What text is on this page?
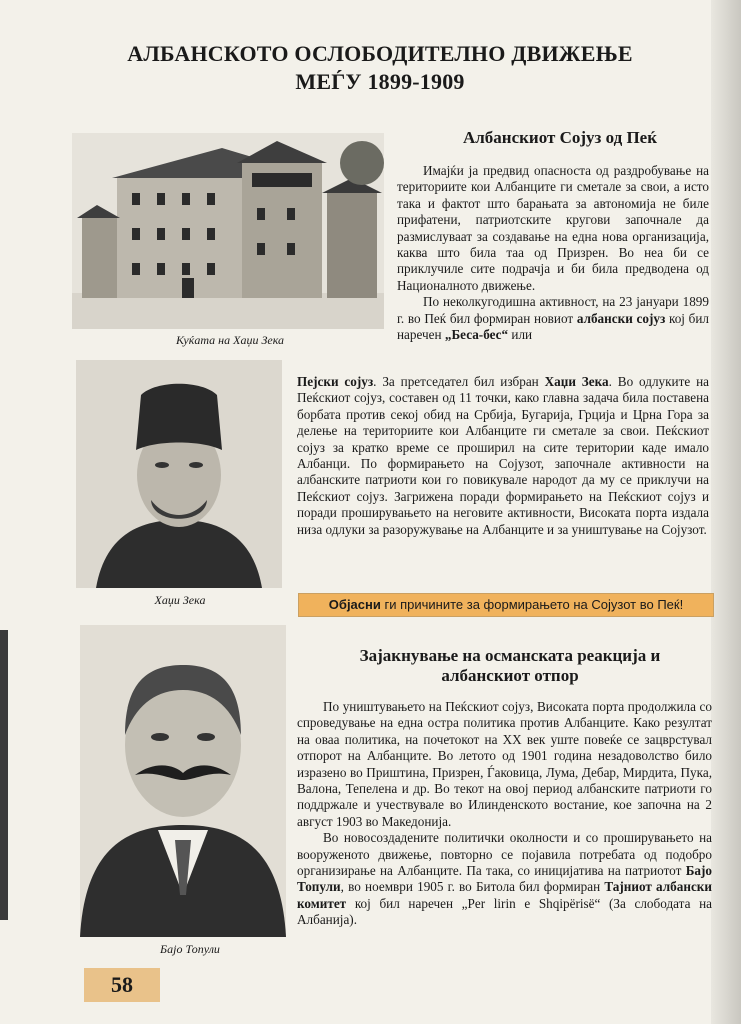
АЛБАНСКОТО ОСЛОБОДИТЕЛНО ДВИЖЕЊЕ
МЕЃУ 1899-1909
Куќата на Хаџи Зека
Хаџи Зека
Бајо Топули
Албанскиот Сојуз од Пеќ

Имајќи ја предвид опасноста од раздробување на териториите кои Албанците ги сметале за свои, а исто така и фактот што барањата за автономија не биле прифатени, патриотските кругови започнале да размислуваат за создавање на една нова организација, каква што била таа од Призрен. Во неа би се приклучиле сите подрачја и би била предводена од Националното движење.

По неколкугодишна активност, на 23 јануари 1899 г. во Пеќ бил формиран новиот албански сојуз кој бил наречен „Беса-бес“ или

Пејски сојуз. За претседател бил избран Хаџи Зека. Во одлуките на Пеќскиот сојуз, составен од 11 точки, како главна задача била поставена борбата против секој обид на Србија, Бугарија, Грција и Црна Гора за делење на териториите кои Албанците ги сметале за свои. Пеќскиот сојуз за кратко време се проширил на сите територии каде имало Албанци. По формирањето на Сојузот, започнале активности на албанските патриоти кои го повикувале народот да му се приклучи на Пеќскиот сојуз. Загрижена поради формирањето на Пеќскиот сојуз и поради проширувањето на неговите активности, Високата порта издала низа одлуки за разоружување на Албанците и за уништување на Сојузот.

Објасни ги причините за формирањето на Сојузот во Пеќ!
Зајакнување на османската реакција и
албанскиот отпор

По уништувањето на Пеќскиот сојуз, Високата порта продолжила со спроведување на една остра политика против Албанците. Како резултат на оваа политика, на почетокот на XX век уште повеќе се зацврстувал отпорот на Албанците. Во летото од 1901 година незадоволство било изразено во Приштина, Призрен, Ѓаковица, Лума, Дебар, Мирдита, Пука, Валона, Тепелена и др. Во текот на овој период албанските патриоти го поддржале и учествувале во Илинденското востание, кое започна на 2 август 1903 во Македонија.

Во новосоздадените политички околности и со проширувањето на вооруженото движење, повторно се појавила потребата од подобро организирање на Албанците. Па така, со иницијатива на патриотот Бајо Топули, во ноември 1905 г. во Битола бил формиран Тајниот албански комитет кој бил наречен „Per lirin e Shqipërisë“ (За слободата на Албанија).

58
